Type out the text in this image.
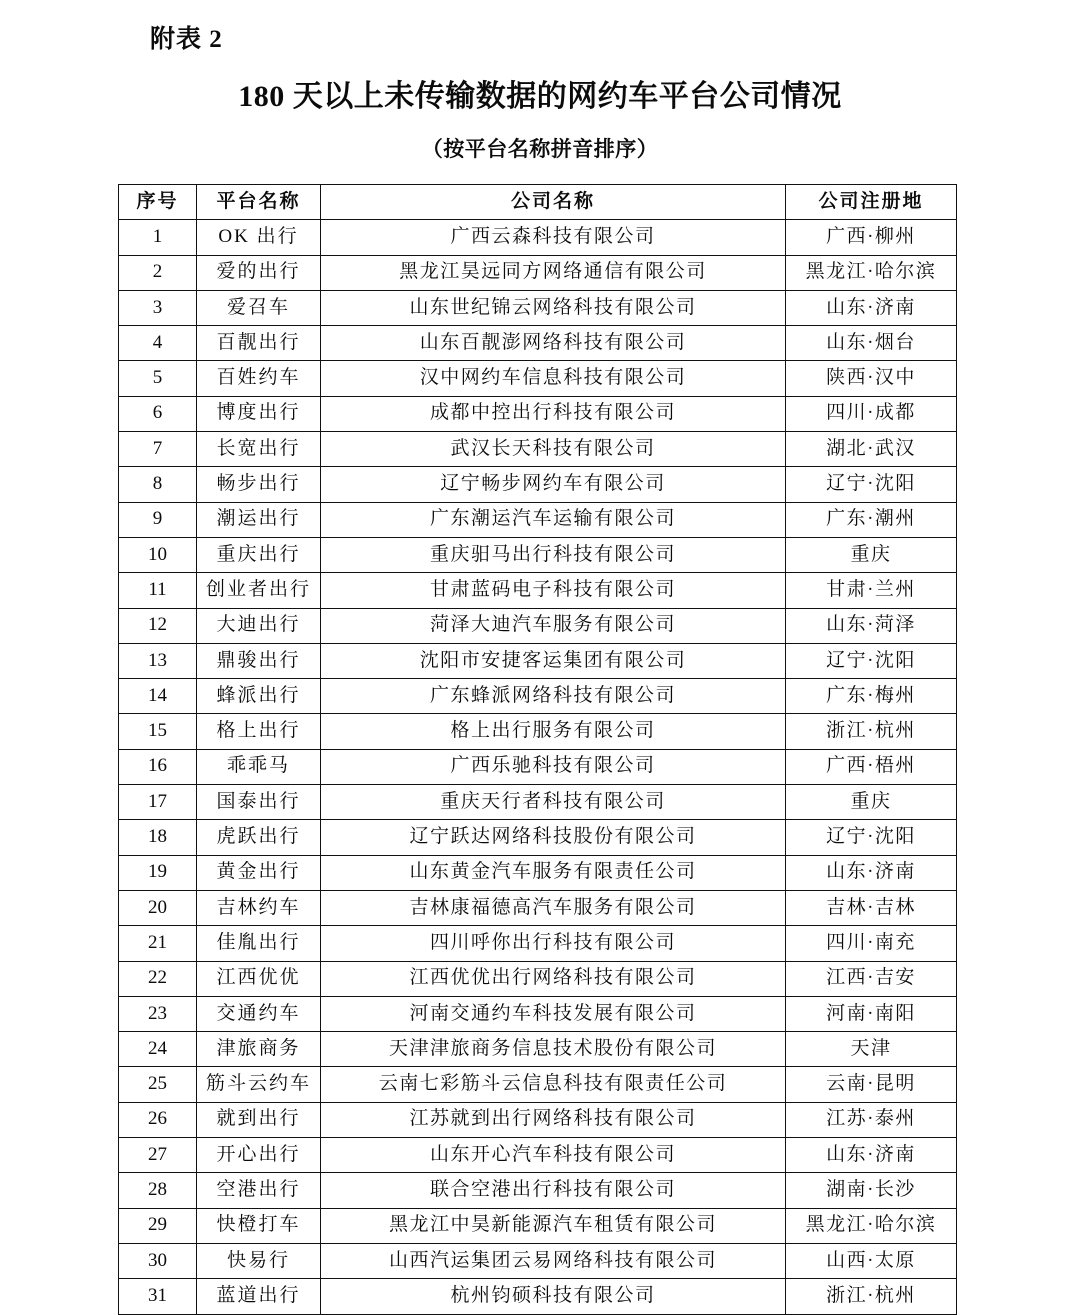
附表 2
180 天以上未传输数据的网约车平台公司情况
（按平台名称拼音排序）
序号	平台名称	公司名称	公司注册地
1	OK 出行	广西云森科技有限公司	广西·柳州
2	爱的出行	黑龙江昊远同方网络通信有限公司	黑龙江·哈尔滨
3	爱召车	山东世纪锦云网络科技有限公司	山东·济南
4	百靓出行	山东百靓澎网络科技有限公司	山东·烟台
5	百姓约车	汉中网约车信息科技有限公司	陕西·汉中
6	博度出行	成都中控出行科技有限公司	四川·成都
7	长宽出行	武汉长天科技有限公司	湖北·武汉
8	畅步出行	辽宁畅步网约车有限公司	辽宁·沈阳
9	潮运出行	广东潮运汽车运输有限公司	广东·潮州
10	重庆出行	重庆驲马出行科技有限公司	重庆
11	创业者出行	甘肃蓝码电子科技有限公司	甘肃·兰州
12	大迪出行	菏泽大迪汽车服务有限公司	山东·菏泽
13	鼎骏出行	沈阳市安捷客运集团有限公司	辽宁·沈阳
14	蜂派出行	广东蜂派网络科技有限公司	广东·梅州
15	格上出行	格上出行服务有限公司	浙江·杭州
16	乖乖马	广西乐驰科技有限公司	广西·梧州
17	国泰出行	重庆天行者科技有限公司	重庆
18	虎跃出行	辽宁跃达网络科技股份有限公司	辽宁·沈阳
19	黄金出行	山东黄金汽车服务有限责任公司	山东·济南
20	吉林约车	吉林康福德高汽车服务有限公司	吉林·吉林
21	佳胤出行	四川呼你出行科技有限公司	四川·南充
22	江西优优	江西优优出行网络科技有限公司	江西·吉安
23	交通约车	河南交通约车科技发展有限公司	河南·南阳
24	津旅商务	天津津旅商务信息技术股份有限公司	天津
25	筋斗云约车	云南七彩筋斗云信息科技有限责任公司	云南·昆明
26	就到出行	江苏就到出行网络科技有限公司	江苏·泰州
27	开心出行	山东开心汽车科技有限公司	山东·济南
28	空港出行	联合空港出行科技有限公司	湖南·长沙
29	快橙打车	黑龙江中昊新能源汽车租赁有限公司	黑龙江·哈尔滨
30	快易行	山西汽运集团云易网络科技有限公司	山西·太原
31	蓝道出行	杭州钧硕科技有限公司	浙江·杭州
